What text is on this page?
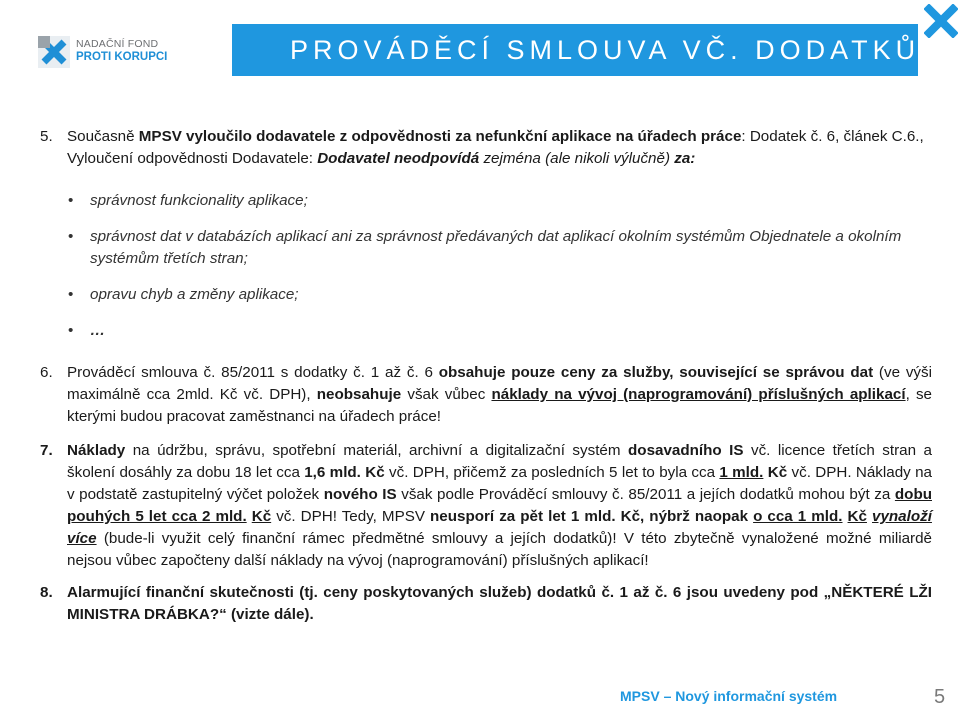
NADAČNÍ FOND
PROTI KORUPCI	PROVÁDĚCÍ SMLOUVA VČ. DODATKŮ
5. Současně MPSV vyloučilo dodavatele z odpovědnosti za nefunkční aplikace na úřadech práce: Dodatek č. 6, článek C.6.,
Vyloučení odpovědnosti Dodavatele: Dodavatel neodpovídá zejména (ale nikoli výlučně) za:
• správnost funkcionality aplikace;
• správnost dat v databázích aplikací ani za správnost předávaných dat aplikací okolním systémům Objednatele a okolním systémům třetích stran;
• opravu chyb a změny aplikace;
• …
6. Prováděcí smlouva č. 85/2011 s dodatky č. 1 až č. 6 obsahuje pouze ceny za služby, související se správou dat (ve výši maximálně cca 2mld. Kč vč. DPH), neobsahuje však vůbec náklady na vývoj (naprogramování) příslušných aplikací, se kterými budou pracovat zaměstnanci na úřadech práce!
7. Náklady na údržbu, správu, spotřební materiál, archivní a digitalizační systém dosavadního IS vč. licence třetích stran a školení dosáhly za dobu 18 let cca 1,6 mld. Kč vč. DPH, přičemž za posledních 5 let to byla cca 1 mld. Kč vč. DPH. Náklady na v podstatě zastupitelný výčet položek nového IS však podle Prováděcí smlouvy č. 85/2011 a jejích dodatků mohou být za dobu pouhých 5 let cca 2 mld. Kč vč. DPH! Tedy, MPSV neusporí za pět let 1 mld. Kč, nýbrž naopak o cca 1 mld. Kč vynaloží více (bude-li využit celý finanční rámec předmětné smlouvy a jejích dodatků)! V této zbytečně vynaložené možné miliardě nejsou vůbec započteny další náklady na vývoj (naprogramování) příslušných aplikací!
8. Alarmující finanční skutečnosti (tj. ceny poskytovaných služeb) dodatků č. 1 až č. 6 jsou uvedeny pod „NĚKTERÉ LŽI MINISTRA DRÁBKA?“ (vizte dále).
MPSV – Nový informační systém	5
